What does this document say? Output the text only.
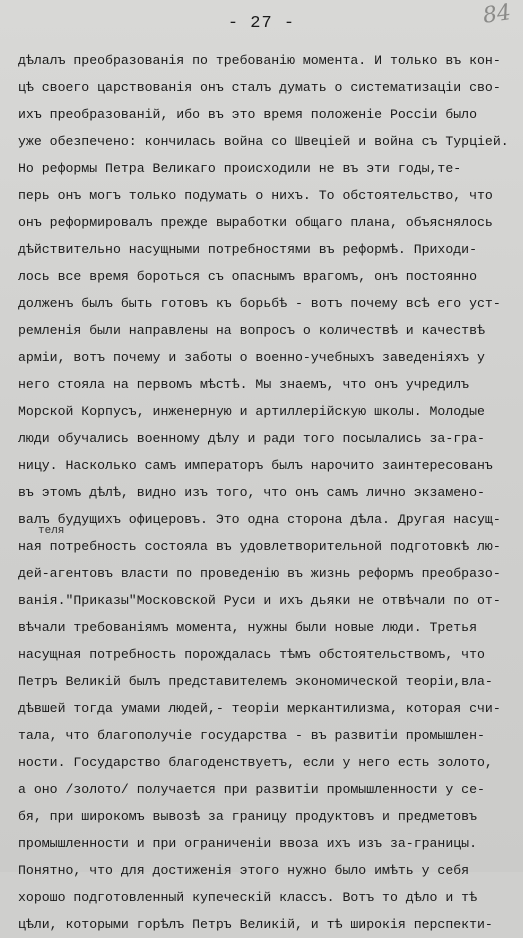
- 27 -	84
теля
дѣлалъ преобразованія по требованію момента. И только въ кон-
цѣ своего царствованія онъ сталъ думать о систематизаціи сво-
ихъ преобразованій, ибо въ это время положеніе Россіи было
уже обезпечено: кончилась война со Швеціей и война съ Турціей.
Но реформы Петра Великаго происходили не въ эти годы,те-
перь онъ могъ только подумать о нихъ. То обстоятельство, что
онъ реформировалъ прежде выработки общаго плана, объяснялось
дѣйствительно насущными потребностями въ реформѣ. Приходи-
лось все время бороться съ опаснымъ врагомъ, онъ постоянно
долженъ былъ быть готовъ къ борьбѣ - вотъ почему всѣ его уст-
ремленія были направлены на вопросъ о количествѣ и качествѣ
арміи, вотъ почему и заботы о военно-учебныхъ заведеніяхъ у
него стояла на первомъ мѣстѣ. Мы знаемъ, что онъ учредилъ
Морской Корпусъ, инженерную и артиллерійскую школы. Молодые
люди обучались военному дѣлу и ради того посылались за-гра-
ницу. Насколько самъ императоръ былъ нарочито заинтересованъ
въ этомъ дѣлѣ, видно изъ того, что онъ самъ лично экзамено-
валъ будущихъ офицеровъ. Это одна сторона дѣла. Другая насущ-
ная потребность состояла въ удовлетворительной подготовкѣ лю-
дей-агентовъ власти по проведенію въ жизнь реформъ преобразо-
ванія."Приказы"Московской Руси и ихъ дьяки не отвѣчали по от-
вѣчали требованіямъ момента, нужны были новые люди. Третья
насущная потребность порождалась тѣмъ обстоятельствомъ, что
Петръ Великій былъ представителемъ экономической теоріи,вла-
дѣвшей тогда умами людей,- теоріи меркантилизма, которая счи-
тала, что благополучіе государства - въ развитіи промышлен-
ности. Государство благоденствуетъ, если у него есть золото,
а оно /золото/ получается при развитіи промышленности у се-
бя, при широкомъ вывозѣ за границу продуктовъ и предметовъ
промышленности и при ограниченіи ввоза ихъ изъ за-границы.
Понятно, что для достиженія этого нужно было имѣть у себя
хорошо подготовленный купеческій классъ. Вотъ то дѣло и тѣ
цѣли, которыми горѣлъ Петръ Великій, и тѣ широкія перспекти-
